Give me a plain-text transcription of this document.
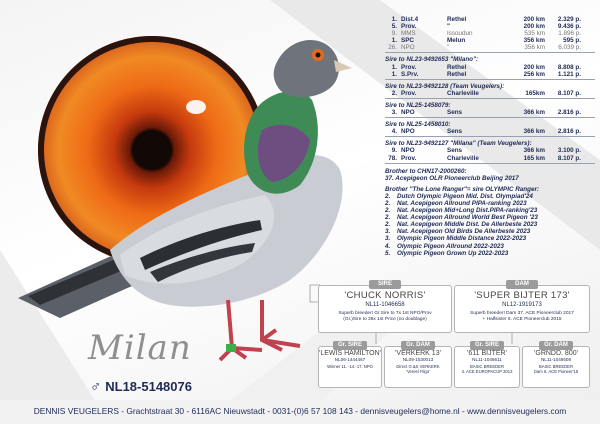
Milan
♂ NL18-5148076
1. Dist.4	Rethel	200 km	2.329 p.
5. Prov.	"	200 km	9.436 p.
9. MMS	Issoudun	535 km	1.896 p.
1. SPC	Melun	356 km	595 p.
26. NPO	"	356 km	6.039 p.
Sire to NL23-9492653 "Milano":
1. Prov.	Rethel	200 km	8.808 p.
1. S.Prv.	Rethel	256 km	1.121 p.
Sire to NL23-9492128 (Team Veugelers):
2. Prov.	Charleville	165km	8.107 p.
Sire to NL25-1458079:
3. NPO	Sens	366 km	2.816 p.
Sire to NL25-1458010:
4. NPO	Sens	366 km	2.816 p.
Sire to NL23-9492127 "Milana" (Team Veugelers):
9. NPO	Sens	366 km	3.100 p.
78. Prov.	Charleville	165 km	8.107 p.
Brother to CHN17-2000260:
37. Acepigeon OLR Pioneerclub Beijing 2017
Brother "The Lone Ranger"= sire OLYMPIC Ranger:
2.	Dutch Olympic Pigeon Mid. Dist. Olympiad'24
2.	Nat. Acepigeon Allround PIPA-ranking 2023
2.	Nat. Acepigeon Mid+Long Dist.PIPA-ranking'23
2.	Nat. Acepigeon Allround World Best Pigeon '23
2.	Nat. Acepigeon Middle Dist. De Allerbeste 2023
3.	Nat. Acepigeon Old Birds De Allerbeste 2023
3.	Olympic Pigeon Middle Distance 2022-2023
4.	Olympic Pigeon Allround 2022-2023
5.	Olympic Pigeon Grown Up 2022-2023
SIRE
'CHUCK NORRIS'
NL11-1046658
Superb breeder! Gr.Sire to 7x 1st NPO/Prov
(Gr.)Sire to 38x 1st Price (no doublage)
DAM
'SUPER BIJTER 173'
NL12-1919173
Superb breeder! Dam 37. ACE Pioneerclub 2017
+ Halfsister 6. ACE Pioneerclub 2015
Gr. SIRE
'LEWIS HAMILTON'
NL06-1444467
Winner 11. -14.-17. NPO
Gr. DAM
'VERKERK 13'
NL09-1530013
Direct G.&S VERKERK
'Vereel Filgo'
Gr. SIRE
'611 BIJTER'
NL11-1046611
BASIC BREEDER
3. ACE EUROPACUP 2013
Gr. DAM
'GRNDD. 800'
NL11-1046608
BASIC BREEDER
Dam 6. ACE Pioneer'15
DENNIS VEUGELERS - Grachtstraat 30 - 6116AC Nieuwstadt - 0031-(0)6 57 108 143 - dennisveugelers@home.nl - www.dennisveugelers.com
